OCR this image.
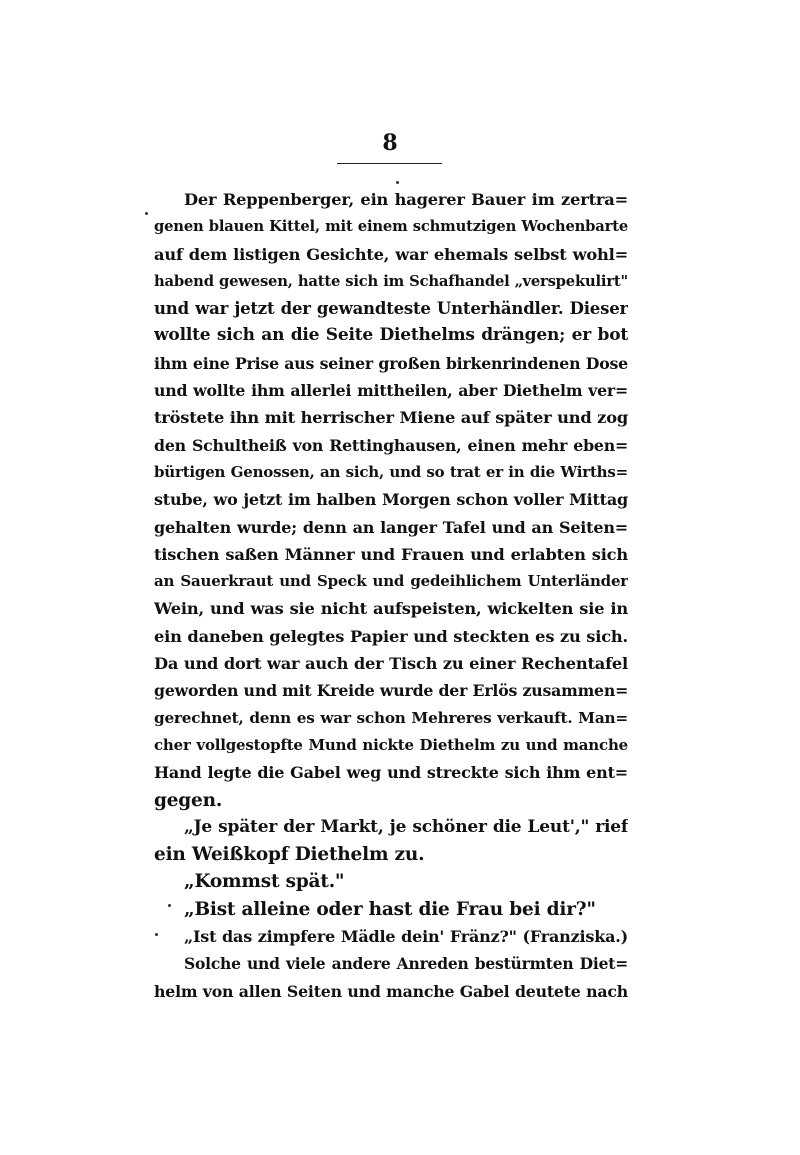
8
Der Reppenberger, ein hagerer Bauer im zertra=
genen blauen Kittel, mit einem schmutzigen Wochenbarte
auf dem listigen Gesichte, war ehemals selbst wohl=
habend gewesen, hatte sich im Schafhandel „verspekulirt"
und war jetzt der gewandteste Unterhändler. Dieser
wollte sich an die Seite Diethelms drängen; er bot
ihm eine Prise aus seiner großen birkenrindenen Dose
und wollte ihm allerlei mittheilen, aber Diethelm ver=
tröstete ihn mit herrischer Miene auf später und zog
den Schultheiß von Rettinghausen, einen mehr eben=
bürtigen Genossen, an sich, und so trat er in die Wirths=
stube, wo jetzt im halben Morgen schon voller Mittag
gehalten wurde; denn an langer Tafel und an Seiten=
tischen saßen Männer und Frauen und erlabten sich
an Sauerkraut und Speck und gedeihlichem Unterländer
Wein, und was sie nicht aufspeisten, wickelten sie in
ein daneben gelegtes Papier und steckten es zu sich.
Da und dort war auch der Tisch zu einer Rechentafel
geworden und mit Kreide wurde der Erlös zusammen=
gerechnet, denn es war schon Mehreres verkauft. Man=
cher vollgestopfte Mund nickte Diethelm zu und manche
Hand legte die Gabel weg und streckte sich ihm ent=
gegen.
„Je später der Markt, je schöner die Leut'," rief
ein Weißkopf Diethelm zu.
„Kommst spät."
„Bist alleine oder hast die Frau bei dir?"
„Ist das zimpfere Mädle dein' Fränz?" (Franziska.)
Solche und viele andere Anreden bestürmten Diet=
helm von allen Seiten und manche Gabel deutete nach
